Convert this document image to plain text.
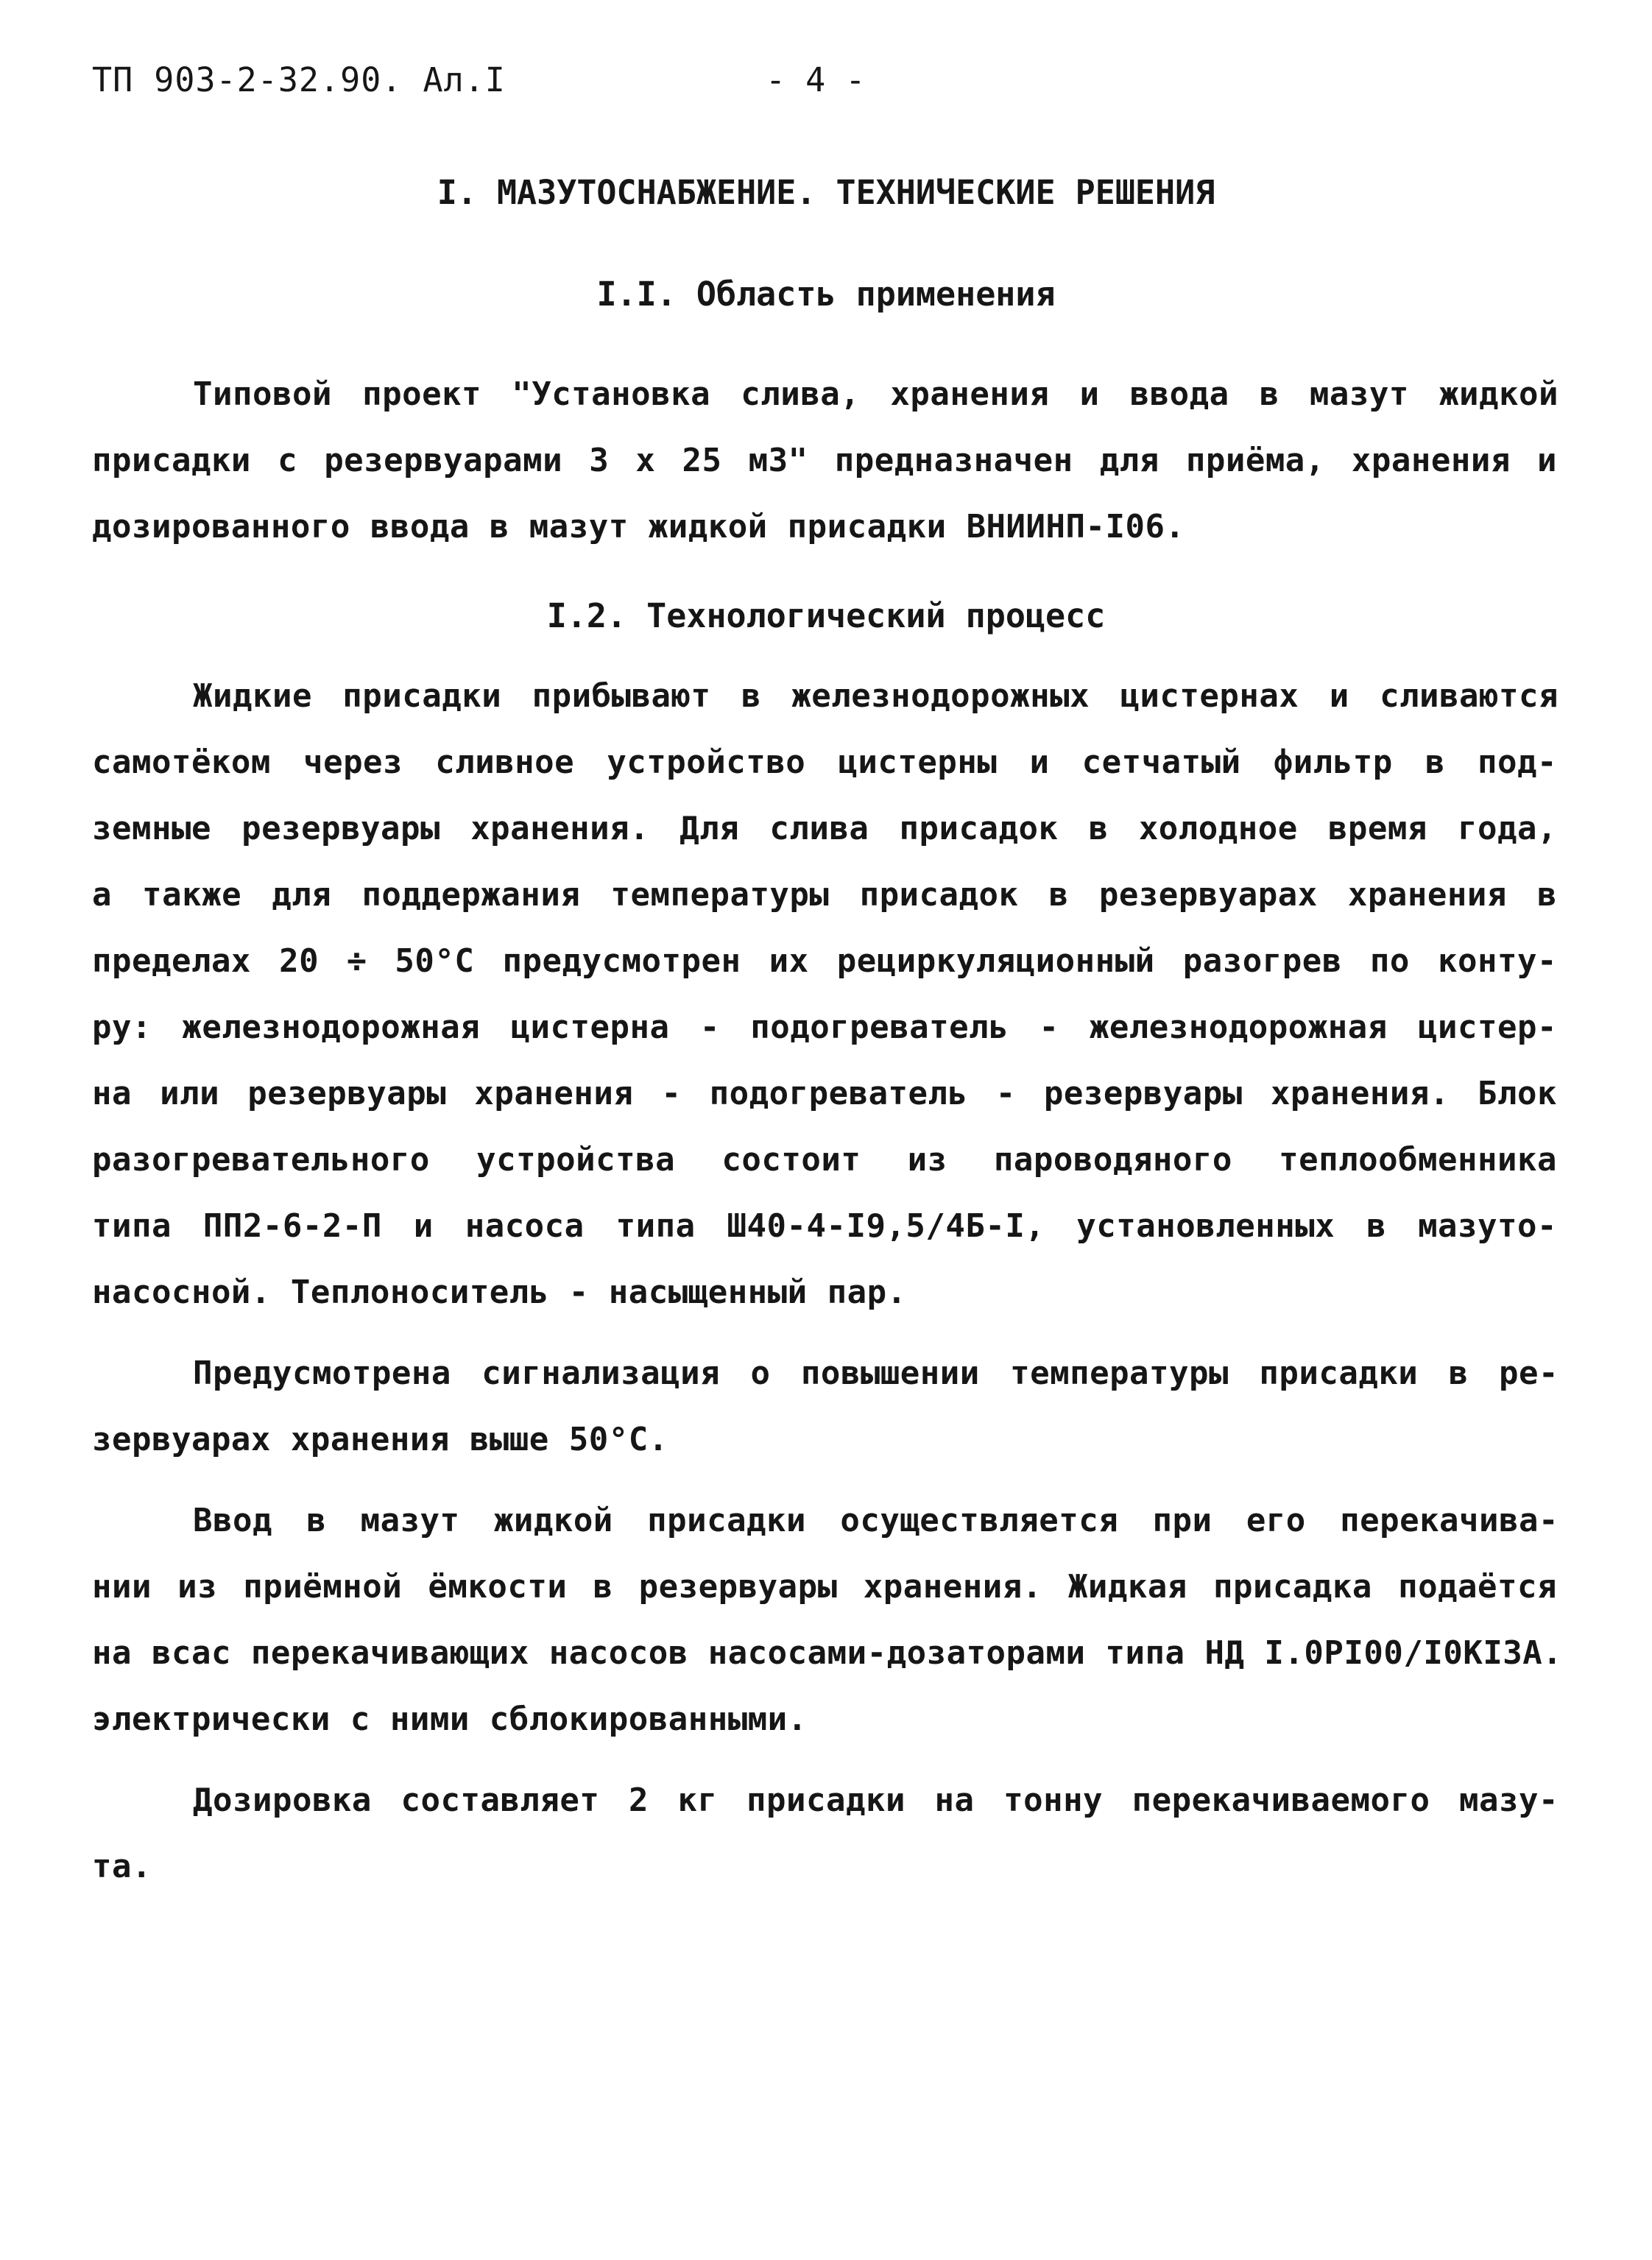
ТП 903-2-32.90. Ал.I	- 4 -
I. МАЗУТОСНАБЖЕНИЕ. ТЕХНИЧЕСКИЕ РЕШЕНИЯ
I.I. Область применения
Типовой проект "Установка слива, хранения и ввода в мазут жидкой
присадки с резервуарами 3 х 25 м3" предназначен для приёма, хранения и
дозированного ввода в мазут жидкой присадки ВНИИНП-I06.
I.2. Технологический процесс
Жидкие присадки прибывают в железнодорожных цистернах и сливаются
самотёком через сливное устройство цистерны и сетчатый фильтр в под-
земные резервуары хранения. Для слива присадок в холодное время года,
а также для поддержания температуры присадок в резервуарах хранения в
пределах 20 ÷ 50°С предусмотрен их рециркуляционный разогрев по конту-
ру: железнодорожная цистерна - подогреватель - железнодорожная цистер-
на или резервуары хранения - подогреватель - резервуары хранения. Блок
разогревательного устройства состоит из пароводяного теплообменника
типа ПП2-6-2-П и насоса типа Ш40-4-I9,5/4Б-I, установленных в мазуто-
насосной. Теплоноситель - насыщенный пар.
Предусмотрена сигнализация о повышении температуры присадки в ре-
зервуарах хранения выше 50°С.
Ввод в мазут жидкой присадки осуществляется при его перекачива-
нии из приёмной ёмкости в резервуары хранения. Жидкая присадка подаётся
на всас перекачивающих насосов насосами-дозаторами типа НД I.0РI00/I0КI3А.
электрически с ними сблокированными.
Дозировка составляет 2 кг присадки на тонну перекачиваемого мазу-
та.
